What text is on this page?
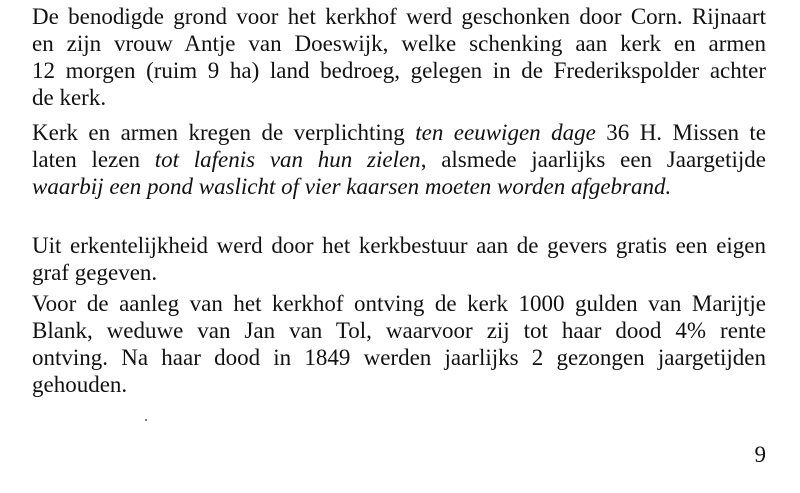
De benodigde grond voor het kerkhof werd geschonken door Corn. Rijnaart
en zijn vrouw Antje van Doeswijk, welke schenking aan kerk en armen
12 morgen (ruim 9 ha) land bedroeg, gelegen in de Frederikspolder achter
de kerk.

Kerk en armen kregen de verplichting ten eeuwigen dage 36 H. Missen te
laten lezen tot lafenis van hun zielen, alsmede jaarlijks een Jaargetijde
waarbij een pond waslicht of vier kaarsen moeten worden afgebrand.

Uit erkentelijkheid werd door het kerkbestuur aan de gevers gratis een eigen
graf gegeven.

Voor de aanleg van het kerkhof ontving de kerk 1000 gulden van Marijtje
Blank, weduwe van Jan van Tol, waarvoor zij tot haar dood 4% rente
ontving. Na haar dood in 1849 werden jaarlijks 2 gezongen jaargetijden
gehouden.

9
